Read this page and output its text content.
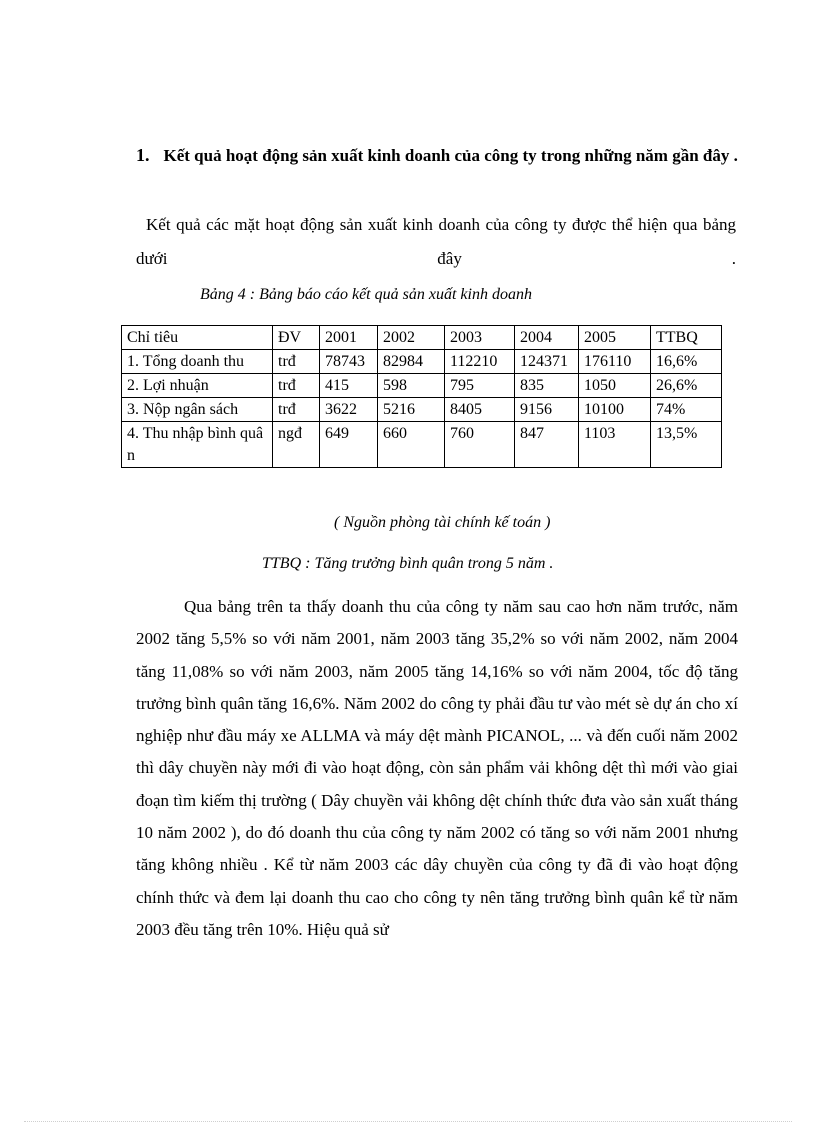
1. Kết quả hoạt động sản xuất kinh doanh của công ty trong những năm gần đây .

Kết quả các mặt hoạt động sản xuất kinh doanh của công ty được thể hiện qua bảng dưới đây .

Bảng 4 : Bảng báo cáo kết quả sản xuất kinh doanh

Chỉ tiêu	ĐV	2001	2002	2003	2004	2005	TTBQ
1. Tổng doanh thu	trđ	78743	82984	112210	124371	176110	16,6%
2. Lợi nhuận	trđ	415	598	795	835	1050	26,6%
3. Nộp ngân sách	trđ	3622	5216	8405	9156	10100	74%
4. Thu nhập bình quân	ngđ	649	660	760	847	1103	13,5%

( Nguồn phòng tài chính kế toán )

TTBQ : Tăng trưởng bình quân trong 5 năm .

Qua bảng trên ta thấy doanh thu của công ty năm sau cao hơn năm trước, năm 2002 tăng 5,5% so với năm 2001, năm 2003 tăng 35,2% so với năm 2002, năm 2004 tăng 11,08% so với năm 2003, năm 2005 tăng 14,16% so với năm 2004, tốc độ tăng trưởng bình quân tăng 16,6%. Năm 2002 do công ty phải đầu tư vào mét sè dự án cho xí nghiệp như đầu máy xe ALLMA và máy dệt mành PICANOL, ... và đến cuối năm 2002 thì dây chuyền này mới đi vào hoạt động, còn sản phẩm vải không dệt thì mới vào giai đoạn tìm kiếm thị trường ( Dây chuyền vải không dệt chính thức đưa vào sản xuất tháng 10 năm 2002 ), do đó doanh thu của công ty năm 2002 có tăng so với năm 2001 nhưng tăng không nhiều . Kể từ năm 2003 các dây chuyền của công ty đã đi vào hoạt động chính thức và đem lại doanh thu cao cho công ty nên tăng trưởng bình quân kể từ năm 2003 đều tăng trên 10%. Hiệu quả sử
